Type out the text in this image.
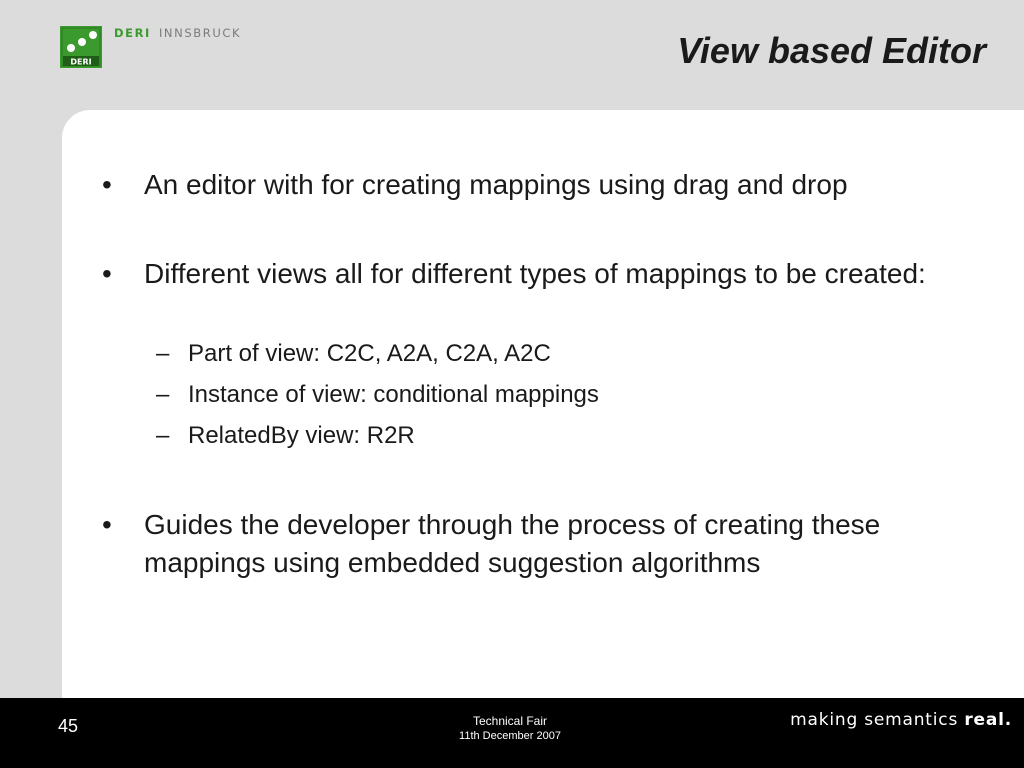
DERI
DERI INNSBRUCK	View based Editor
• An editor with for creating mappings using drag and drop
• Different views all for different types of mappings to be created:
– Part of view: C2C, A2A, C2A, A2C
– Instance of view: conditional mappings
– RelatedBy view: R2R
• Guides the developer through the process of creating these mappings using embedded suggestion algorithms
45	Technical Fair
11th December 2007
making semantics real.
